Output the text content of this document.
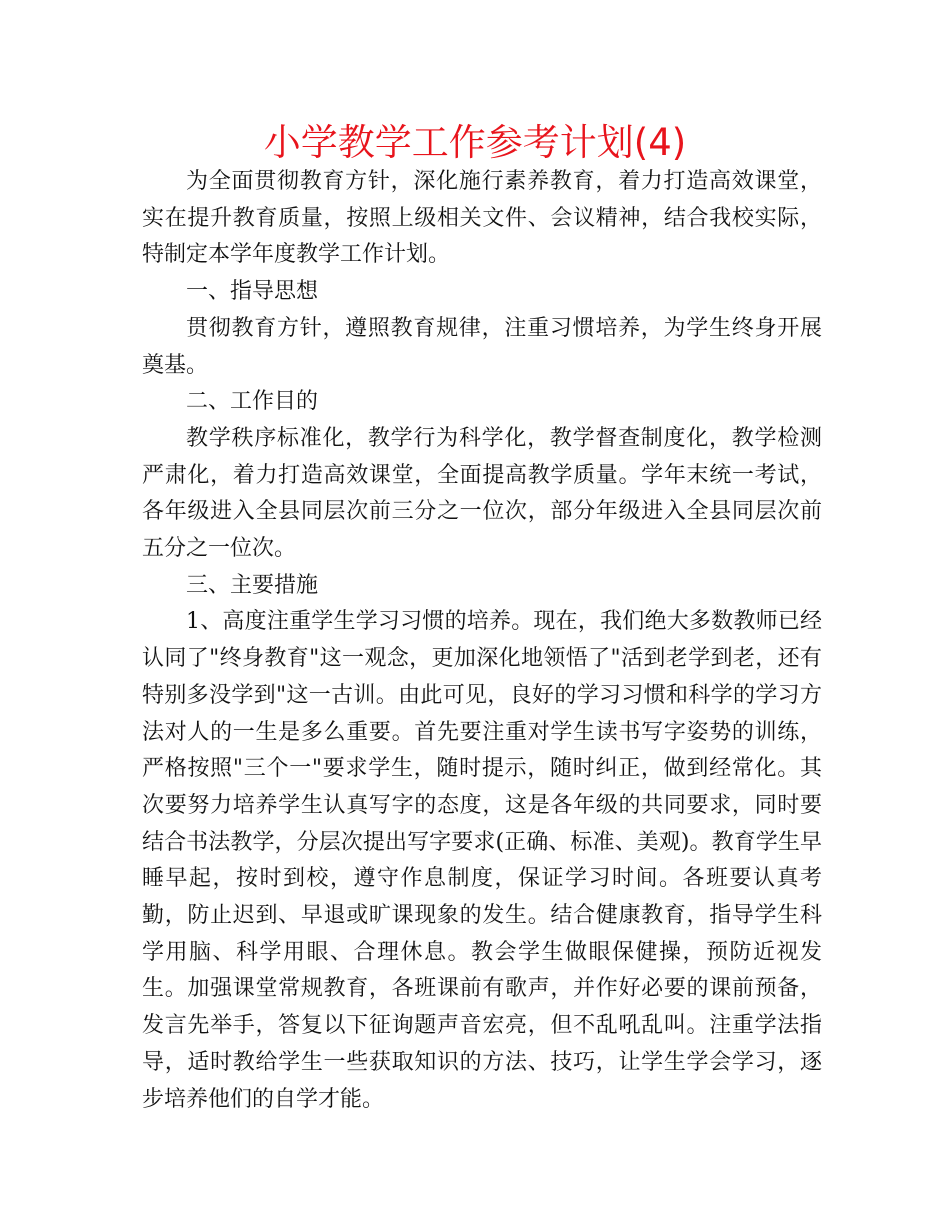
小学教学工作参考计划(4)

为全面贯彻教育方针，深化施行素养教育，着力打造高效课堂，实在提升教育质量，按照上级相关文件、会议精神，结合我校实际，特制定本学年度教学工作计划。

一、指导思想

贯彻教育方针，遵照教育规律，注重习惯培养，为学生终身开展奠基。

二、工作目的

教学秩序标准化，教学行为科学化，教学督查制度化，教学检测严肃化，着力打造高效课堂，全面提高教学质量。学年末统一考试，各年级进入全县同层次前三分之一位次，部分年级进入全县同层次前五分之一位次。

三、主要措施

1、高度注重学生学习习惯的培养。现在，我们绝大多数教师已经认同了"终身教育"这一观念，更加深化地领悟了"活到老学到老，还有特别多没学到"这一古训。由此可见，良好的学习习惯和科学的学习方法对人的一生是多么重要。首先要注重对学生读书写字姿势的训练，严格按照"三个一"要求学生，随时提示，随时纠正，做到经常化。其次要努力培养学生认真写字的态度，这是各年级的共同要求，同时要结合书法教学，分层次提出写字要求(正确、标准、美观)。教育学生早睡早起，按时到校，遵守作息制度，保证学习时间。各班要认真考勤，防止迟到、早退或旷课现象的发生。结合健康教育，指导学生科学用脑、科学用眼、合理休息。教会学生做眼保健操，预防近视发生。加强课堂常规教育，各班课前有歌声，并作好必要的课前预备，发言先举手，答复以下征询题声音宏亮，但不乱吼乱叫。注重学法指导，适时教给学生一些获取知识的方法、技巧，让学生学会学习，逐步培养他们的自学才能。
